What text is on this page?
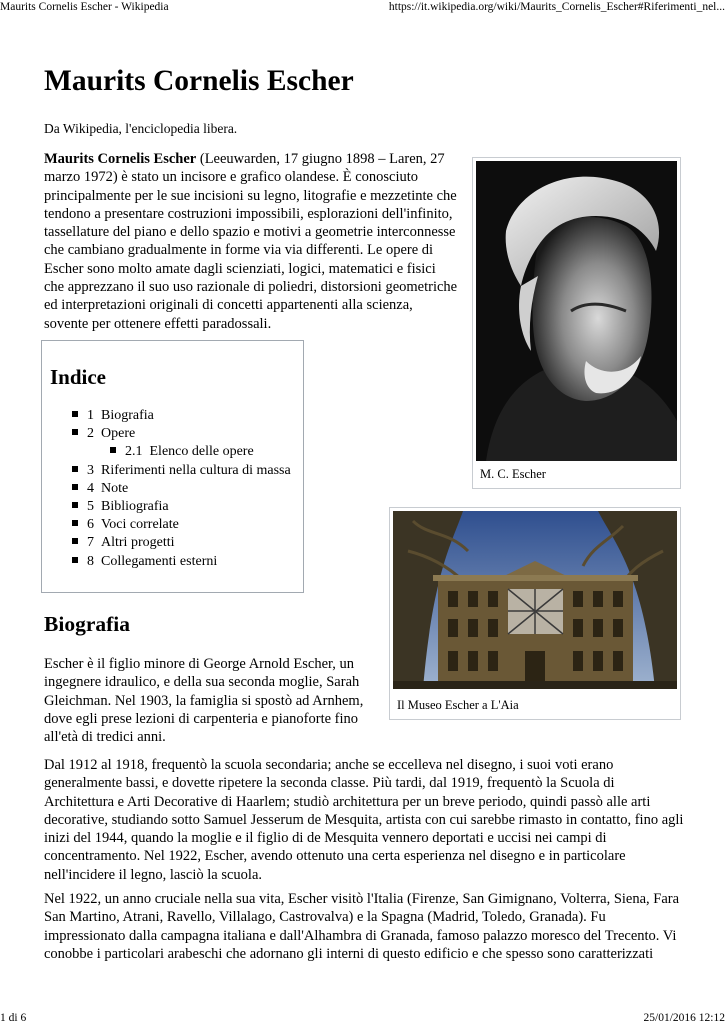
Maurits Cornelis Escher - Wikipedia	https://it.wikipedia.org/wiki/Maurits_Cornelis_Escher#Riferimenti_nel...
Maurits Cornelis Escher
Da Wikipedia, l'enciclopedia libera.
Maurits Cornelis Escher (Leeuwarden, 17 giugno 1898 – Laren, 27 marzo 1972) è stato un incisore e grafico olandese. È conosciuto principalmente per le sue incisioni su legno, litografie e mezzetinte che tendono a presentare costruzioni impossibili, esplorazioni dell'infinito, tassellature del piano e dello spazio e motivi a geometrie interconnesse che cambiano gradualmente in forme via via differenti. Le opere di Escher sono molto amate dagli scienziati, logici, matematici e fisici che apprezzano il suo uso razionale di poliedri, distorsioni geometriche ed interpretazioni originali di concetti appartenenti alla scienza, sovente per ottenere effetti paradossali.
Indice
1 Biografia
2 Opere
2.1 Elenco delle opere
3 Riferimenti nella cultura di massa
4 Note
5 Bibliografia
6 Voci correlate
7 Altri progetti
8 Collegamenti esterni
M. C. Escher
Il Museo Escher a L'Aia
Biografia

Escher è il figlio minore di George Arnold Escher, un ingegnere idraulico, e della sua seconda moglie, Sarah Gleichman. Nel 1903, la famiglia si spostò ad Arnhem, dove egli prese lezioni di carpenteria e pianoforte fino all'età di tredici anni.

Dal 1912 al 1918, frequentò la scuola secondaria; anche se eccelleva nel disegno, i suoi voti erano generalmente bassi, e dovette ripetere la seconda classe. Più tardi, dal 1919, frequentò la Scuola di Architettura e Arti Decorative di Haarlem; studiò architettura per un breve periodo, quindi passò alle arti decorative, studiando sotto Samuel Jesserum de Mesquita, artista con cui sarebbe rimasto in contatto, fino agli inizi del 1944, quando la moglie e il figlio di de Mesquita vennero deportati e uccisi nei campi di concentramento. Nel 1922, Escher, avendo ottenuto una certa esperienza nel disegno e in particolare nell'incidere il legno, lasciò la scuola.

Nel 1922, un anno cruciale nella sua vita, Escher visitò l'Italia (Firenze, San Gimignano, Volterra, Siena, Fara San Martino, Atrani, Ravello, Villalago, Castrovalva) e la Spagna (Madrid, Toledo, Granada). Fu impressionato dalla campagna italiana e dall'Alhambra di Granada, famoso palazzo moresco del Trecento. Vi conobbe i particolari arabeschi che adornano gli interni di questo edificio e che spesso sono caratterizzati

1 di 6	25/01/2016 12:12
